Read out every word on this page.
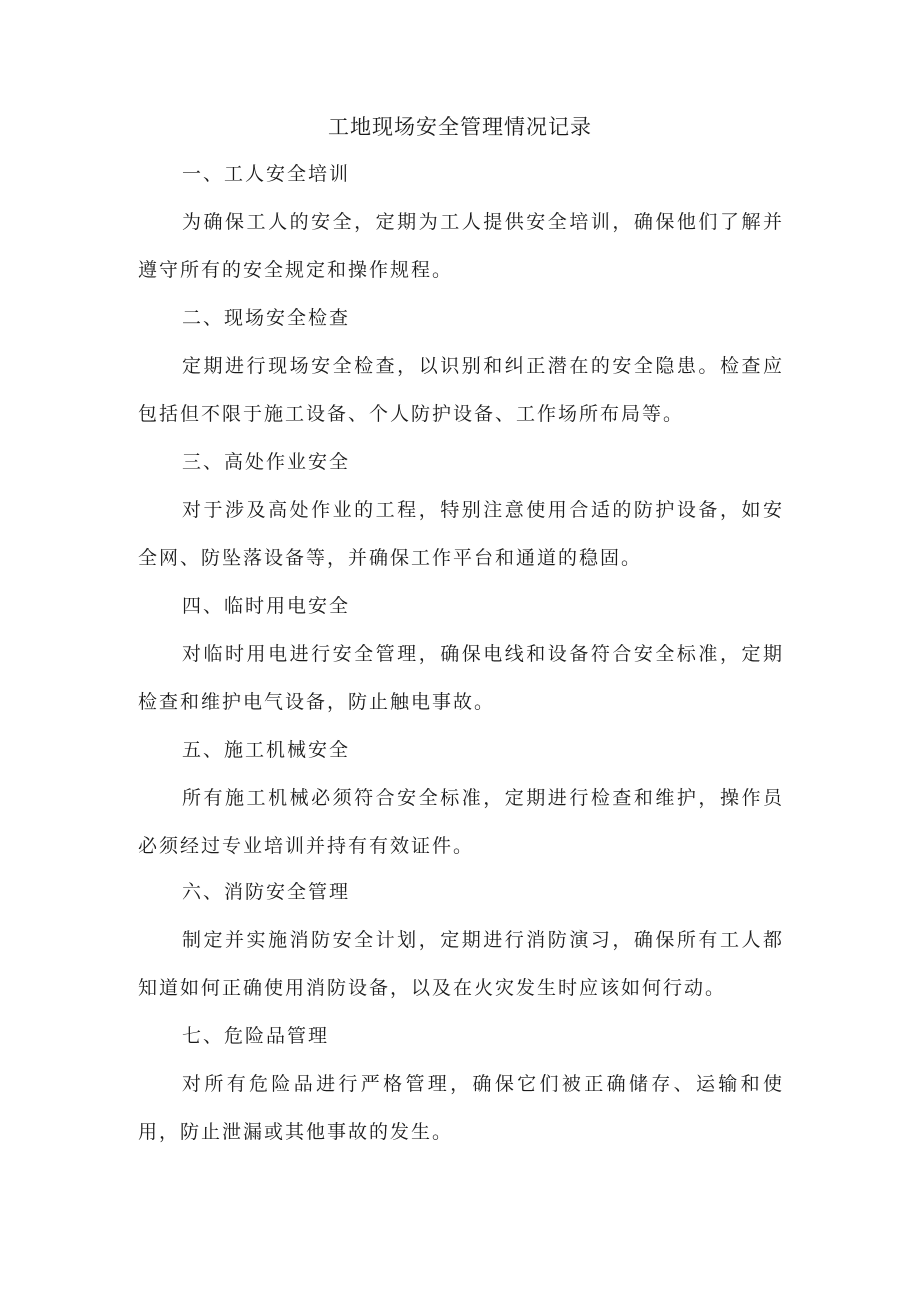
工地现场安全管理情况记录

一、工人安全培训

为确保工人的安全，定期为工人提供安全培训，确保他们了解并遵守所有的安全规定和操作规程。

二、现场安全检查

定期进行现场安全检查，以识别和纠正潜在的安全隐患。检查应包括但不限于施工设备、个人防护设备、工作场所布局等。

三、高处作业安全

对于涉及高处作业的工程，特别注意使用合适的防护设备，如安全网、防坠落设备等，并确保工作平台和通道的稳固。

四、临时用电安全

对临时用电进行安全管理，确保电线和设备符合安全标准，定期检查和维护电气设备，防止触电事故。

五、施工机械安全

所有施工机械必须符合安全标准，定期进行检查和维护，操作员必须经过专业培训并持有有效证件。

六、消防安全管理

制定并实施消防安全计划，定期进行消防演习，确保所有工人都知道如何正确使用消防设备，以及在火灾发生时应该如何行动。

七、危险品管理

对所有危险品进行严格管理，确保它们被正确储存、运输和使用，防止泄漏或其他事故的发生。
